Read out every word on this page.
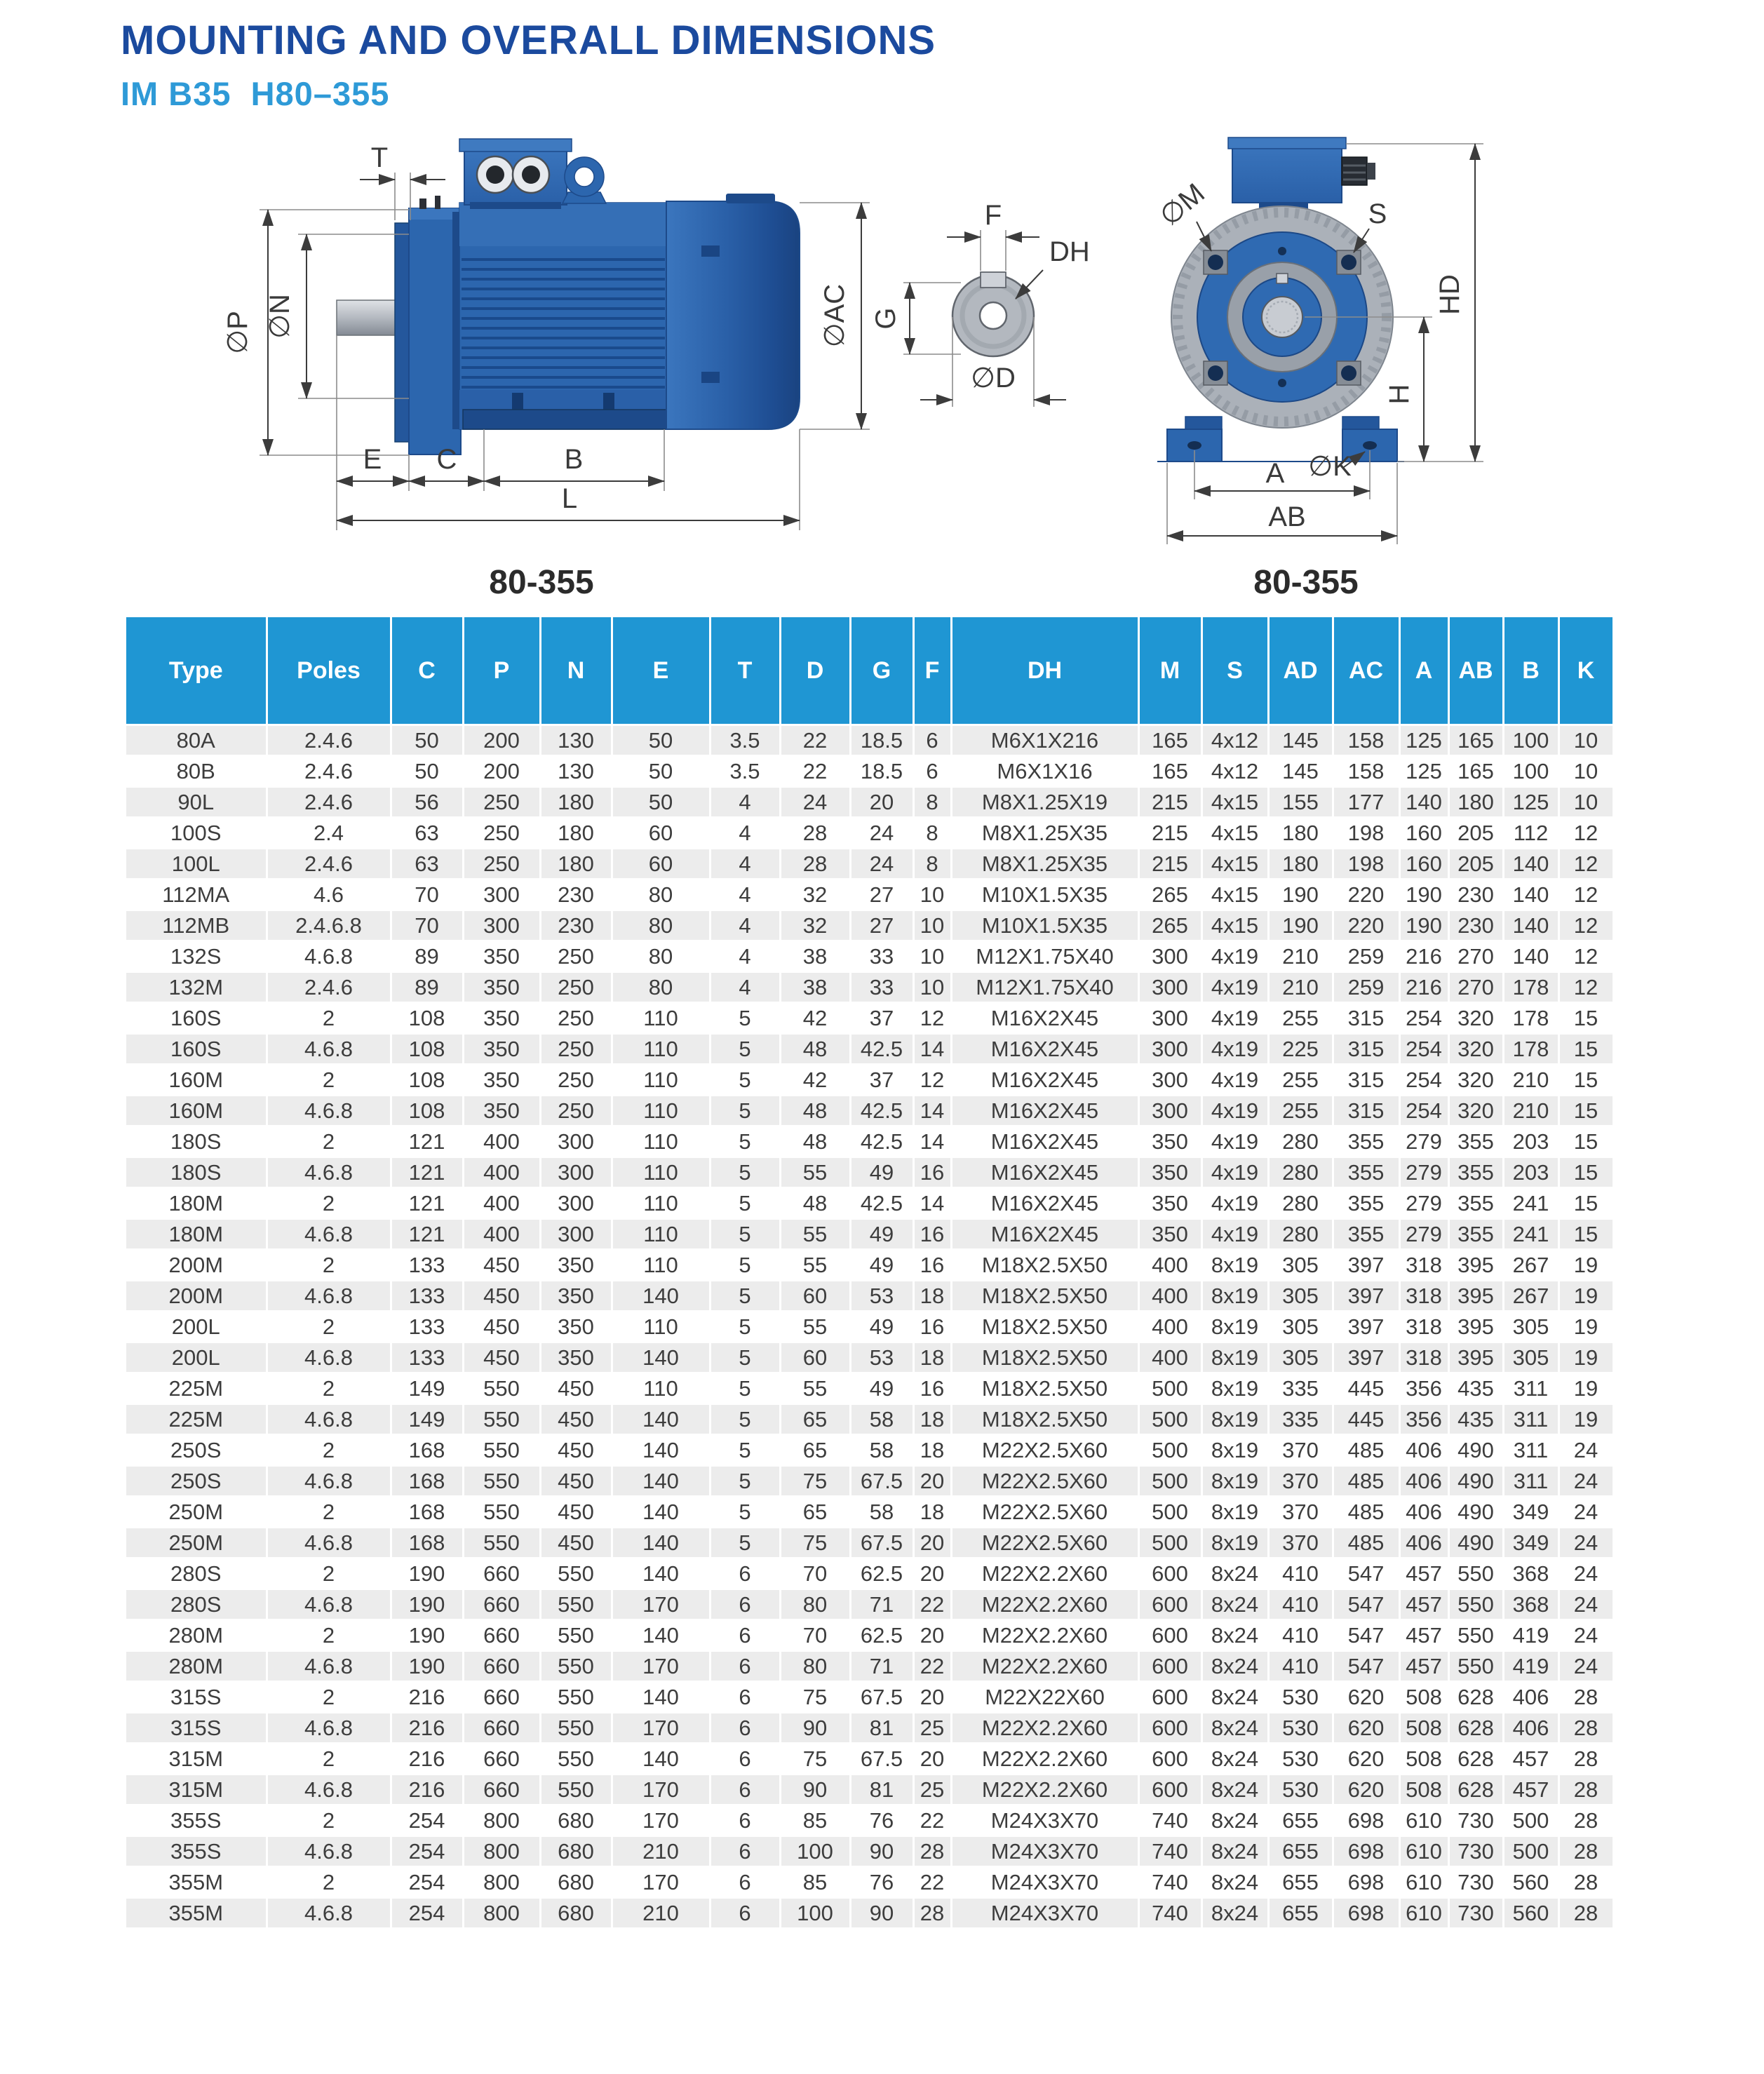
MOUNTING AND OVERALL DIMENSIONS
IM B35  H80–355
∅P ∅N	∅AC
T
E C	B
L
DH
F
G
∅D
∅M	S
HD
H
∅K
A
AB
80-355	80-355
Type	Poles	C	P	N	E	T	D	G	F	DH	M	S	AD	AC	A	AB	B	K
80A	2.4.6	50	200	130	50	3.5	22	18.5	6	M6X1X216	165	4x12	145	158	125	165	100	10
80B	2.4.6	50	200	130	50	3.5	22	18.5	6	M6X1X16	165	4x12	145	158	125	165	100	10
90L	2.4.6	56	250	180	50	4	24	20	8	M8X1.25X19	215	4x15	155	177	140	180	125	10
100S	2.4	63	250	180	60	4	28	24	8	M8X1.25X35	215	4x15	180	198	160	205	112	12
100L	2.4.6	63	250	180	60	4	28	24	8	M8X1.25X35	215	4x15	180	198	160	205	140	12
112MA	4.6	70	300	230	80	4	32	27	10	M10X1.5X35	265	4x15	190	220	190	230	140	12
112MB	2.4.6.8	70	300	230	80	4	32	27	10	M10X1.5X35	265	4x15	190	220	190	230	140	12
132S	4.6.8	89	350	250	80	4	38	33	10	M12X1.75X40	300	4x19	210	259	216	270	140	12
132M	2.4.6	89	350	250	80	4	38	33	10	M12X1.75X40	300	4x19	210	259	216	270	178	12
160S	2	108	350	250	110	5	42	37	12	M16X2X45	300	4x19	255	315	254	320	178	15
160S	4.6.8	108	350	250	110	5	48	42.5	14	M16X2X45	300	4x19	225	315	254	320	178	15
160M	2	108	350	250	110	5	42	37	12	M16X2X45	300	4x19	255	315	254	320	210	15
160M	4.6.8	108	350	250	110	5	48	42.5	14	M16X2X45	300	4x19	255	315	254	320	210	15
180S	2	121	400	300	110	5	48	42.5	14	M16X2X45	350	4x19	280	355	279	355	203	15
180S	4.6.8	121	400	300	110	5	55	49	16	M16X2X45	350	4x19	280	355	279	355	203	15
180M	2	121	400	300	110	5	48	42.5	14	M16X2X45	350	4x19	280	355	279	355	241	15
180M	4.6.8	121	400	300	110	5	55	49	16	M16X2X45	350	4x19	280	355	279	355	241	15
200M	2	133	450	350	110	5	55	49	16	M18X2.5X50	400	8x19	305	397	318	395	267	19
200M	4.6.8	133	450	350	140	5	60	53	18	M18X2.5X50	400	8x19	305	397	318	395	267	19
200L	2	133	450	350	110	5	55	49	16	M18X2.5X50	400	8x19	305	397	318	395	305	19
200L	4.6.8	133	450	350	140	5	60	53	18	M18X2.5X50	400	8x19	305	397	318	395	305	19
225M	2	149	550	450	110	5	55	49	16	M18X2.5X50	500	8x19	335	445	356	435	311	19
225M	4.6.8	149	550	450	140	5	65	58	18	M18X2.5X50	500	8x19	335	445	356	435	311	19
250S	2	168	550	450	140	5	65	58	18	M22X2.5X60	500	8x19	370	485	406	490	311	24
250S	4.6.8	168	550	450	140	5	75	67.5	20	M22X2.5X60	500	8x19	370	485	406	490	311	24
250M	2	168	550	450	140	5	65	58	18	M22X2.5X60	500	8x19	370	485	406	490	349	24
250M	4.6.8	168	550	450	140	5	75	67.5	20	M22X2.5X60	500	8x19	370	485	406	490	349	24
280S	2	190	660	550	140	6	70	62.5	20	M22X2.2X60	600	8x24	410	547	457	550	368	24
280S	4.6.8	190	660	550	170	6	80	71	22	M22X2.2X60	600	8x24	410	547	457	550	368	24
280M	2	190	660	550	140	6	70	62.5	20	M22X2.2X60	600	8x24	410	547	457	550	419	24
280M	4.6.8	190	660	550	170	6	80	71	22	M22X2.2X60	600	8x24	410	547	457	550	419	24
315S	2	216	660	550	140	6	75	67.5	20	M22X22X60	600	8x24	530	620	508	628	406	28
315S	4.6.8	216	660	550	170	6	90	81	25	M22X2.2X60	600	8x24	530	620	508	628	406	28
315M	2	216	660	550	140	6	75	67.5	20	M22X2.2X60	600	8x24	530	620	508	628	457	28
315M	4.6.8	216	660	550	170	6	90	81	25	M22X2.2X60	600	8x24	530	620	508	628	457	28
355S	2	254	800	680	170	6	85	76	22	M24X3X70	740	8x24	655	698	610	730	500	28
355S	4.6.8	254	800	680	210	6	100	90	28	M24X3X70	740	8x24	655	698	610	730	500	28
355M	2	254	800	680	170	6	85	76	22	M24X3X70	740	8x24	655	698	610	730	560	28
355M	4.6.8	254	800	680	210	6	100	90	28	M24X3X70	740	8x24	655	698	610	730	560	28
